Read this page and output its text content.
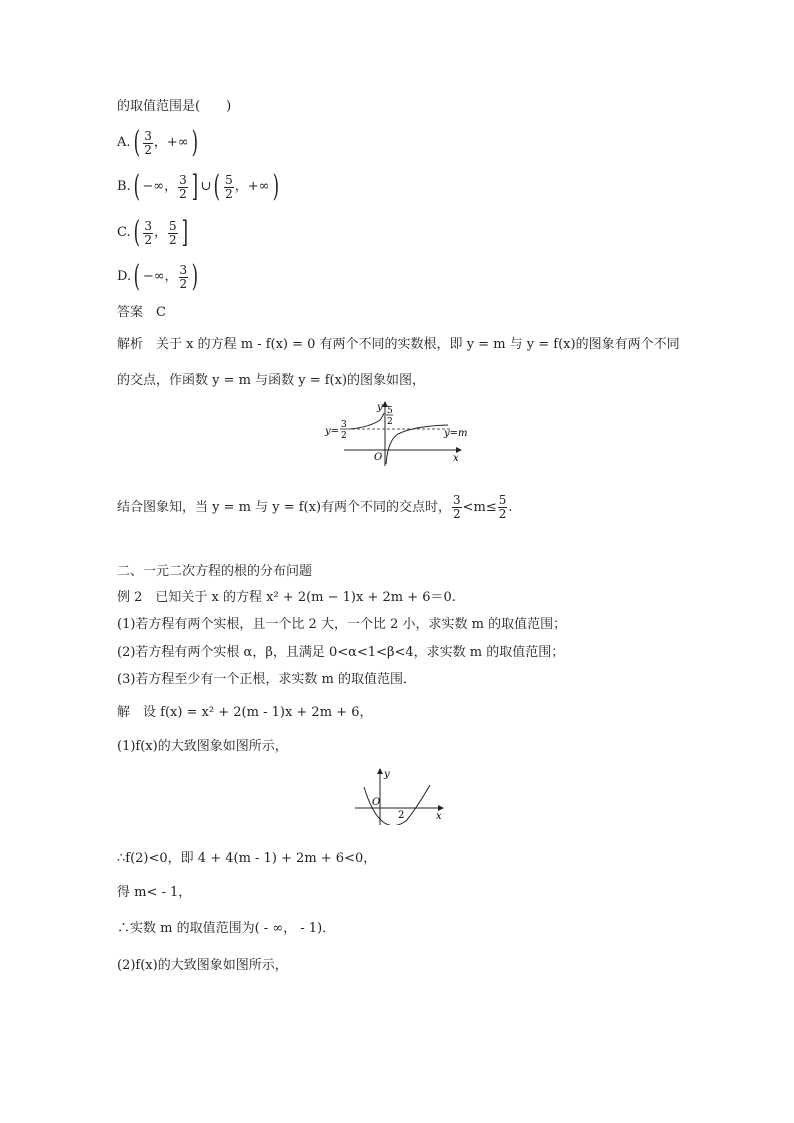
的取值范围是(　　)
A. ( $\frac{3}{2}$ ，+∞ )
B. ( −∞， $\frac{3}{2}$ ] ∪ ( $\frac{5}{2}$ ，+∞ )
C. ( $\frac{3}{2}$ ， $\frac{5}{2}$ ]
D. ( −∞， $\frac{3}{2}$ )
答案　C
解析　关于 x 的方程 m - f(x) = 0 有两个不同的实数根，即 y = m 与 y = f(x)的图象有两个不同
的交点，作函数 y = m 与函数 y = f(x)的图象如图，
y
x
O
y=
3
2
5
2
y=m
结合图象知，当 y = m 与 y = f(x)有两个不同的交点时， $\frac{3}{2} <m\le \frac{5}{2}$ .
二、一元二次方程的根的分布问题
例 2　已知关于 x 的方程 x² + 2(m − 1)x + 2m + 6＝0.
(1)若方程有两个实根，且一个比 2 大，一个比 2 小，求实数 m 的取值范围；
(2)若方程有两个实根 α，β，且满足 0<α<1<β<4，求实数 m 的取值范围；
(3)若方程至少有一个正根，求实数 m 的取值范围．
解　设 f(x) = x² + 2(m - 1)x + 2m + 6，
(1)f(x)的大致图象如图所示，
y
x
O
2
∴f(2)<0，即 4 + 4(m - 1) + 2m + 6<0，
得 m< - 1，
∴实数 m 的取值范围为( - ∞， - 1)．
(2)f(x)的大致图象如图所示，
